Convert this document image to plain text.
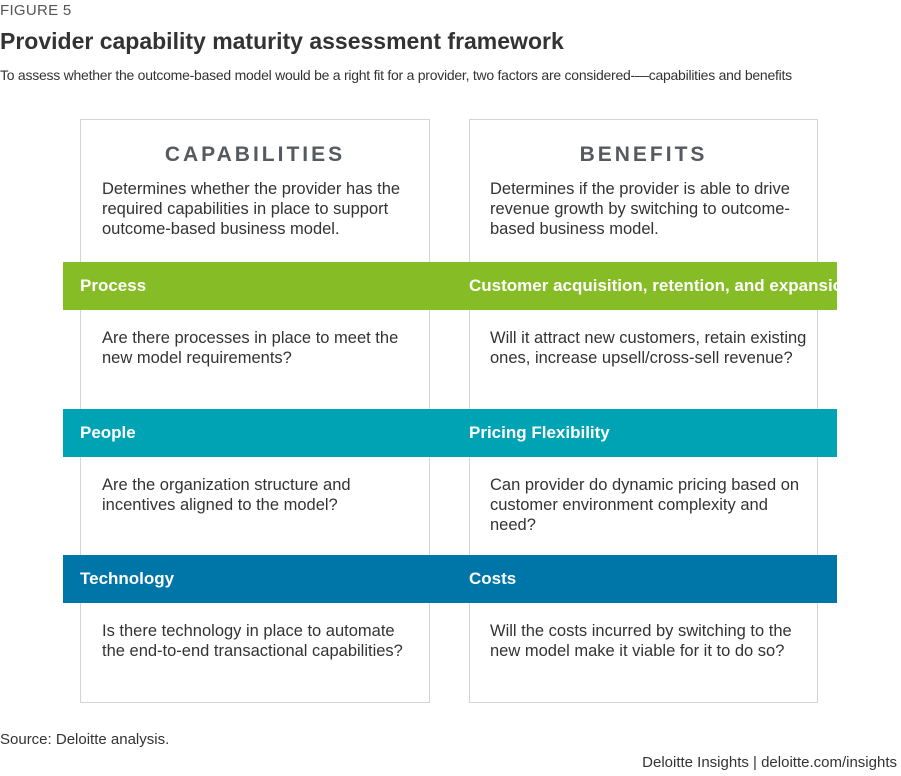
FIGURE 5
Provider capability maturity assessment framework
To assess whether the outcome-based model would be a right fit for a provider, two factors are considered-—capabilities and benefits
CAPABILITIES	BENEFITS
Determines whether the provider has the required capabilities in place to support outcome-based business model.
Determines if the provider is able to drive revenue growth by switching to outcome-based business model.
Process	Customer acquisition, retention, and expansion
Are there processes in place to meet the new model requirements?
Will it attract new customers, retain existing ones, increase upsell/cross-sell revenue?
People	Pricing Flexibility
Are the organization structure and incentives aligned to the model?
Can provider do dynamic pricing based on customer environment complexity and need?
Technology	Costs
Is there technology in place to automate the end-to-end transactional capabilities?
Will the costs incurred by switching to the new model make it viable for it to do so?
Source: Deloitte analysis.
Deloitte Insights | deloitte.com/insights
